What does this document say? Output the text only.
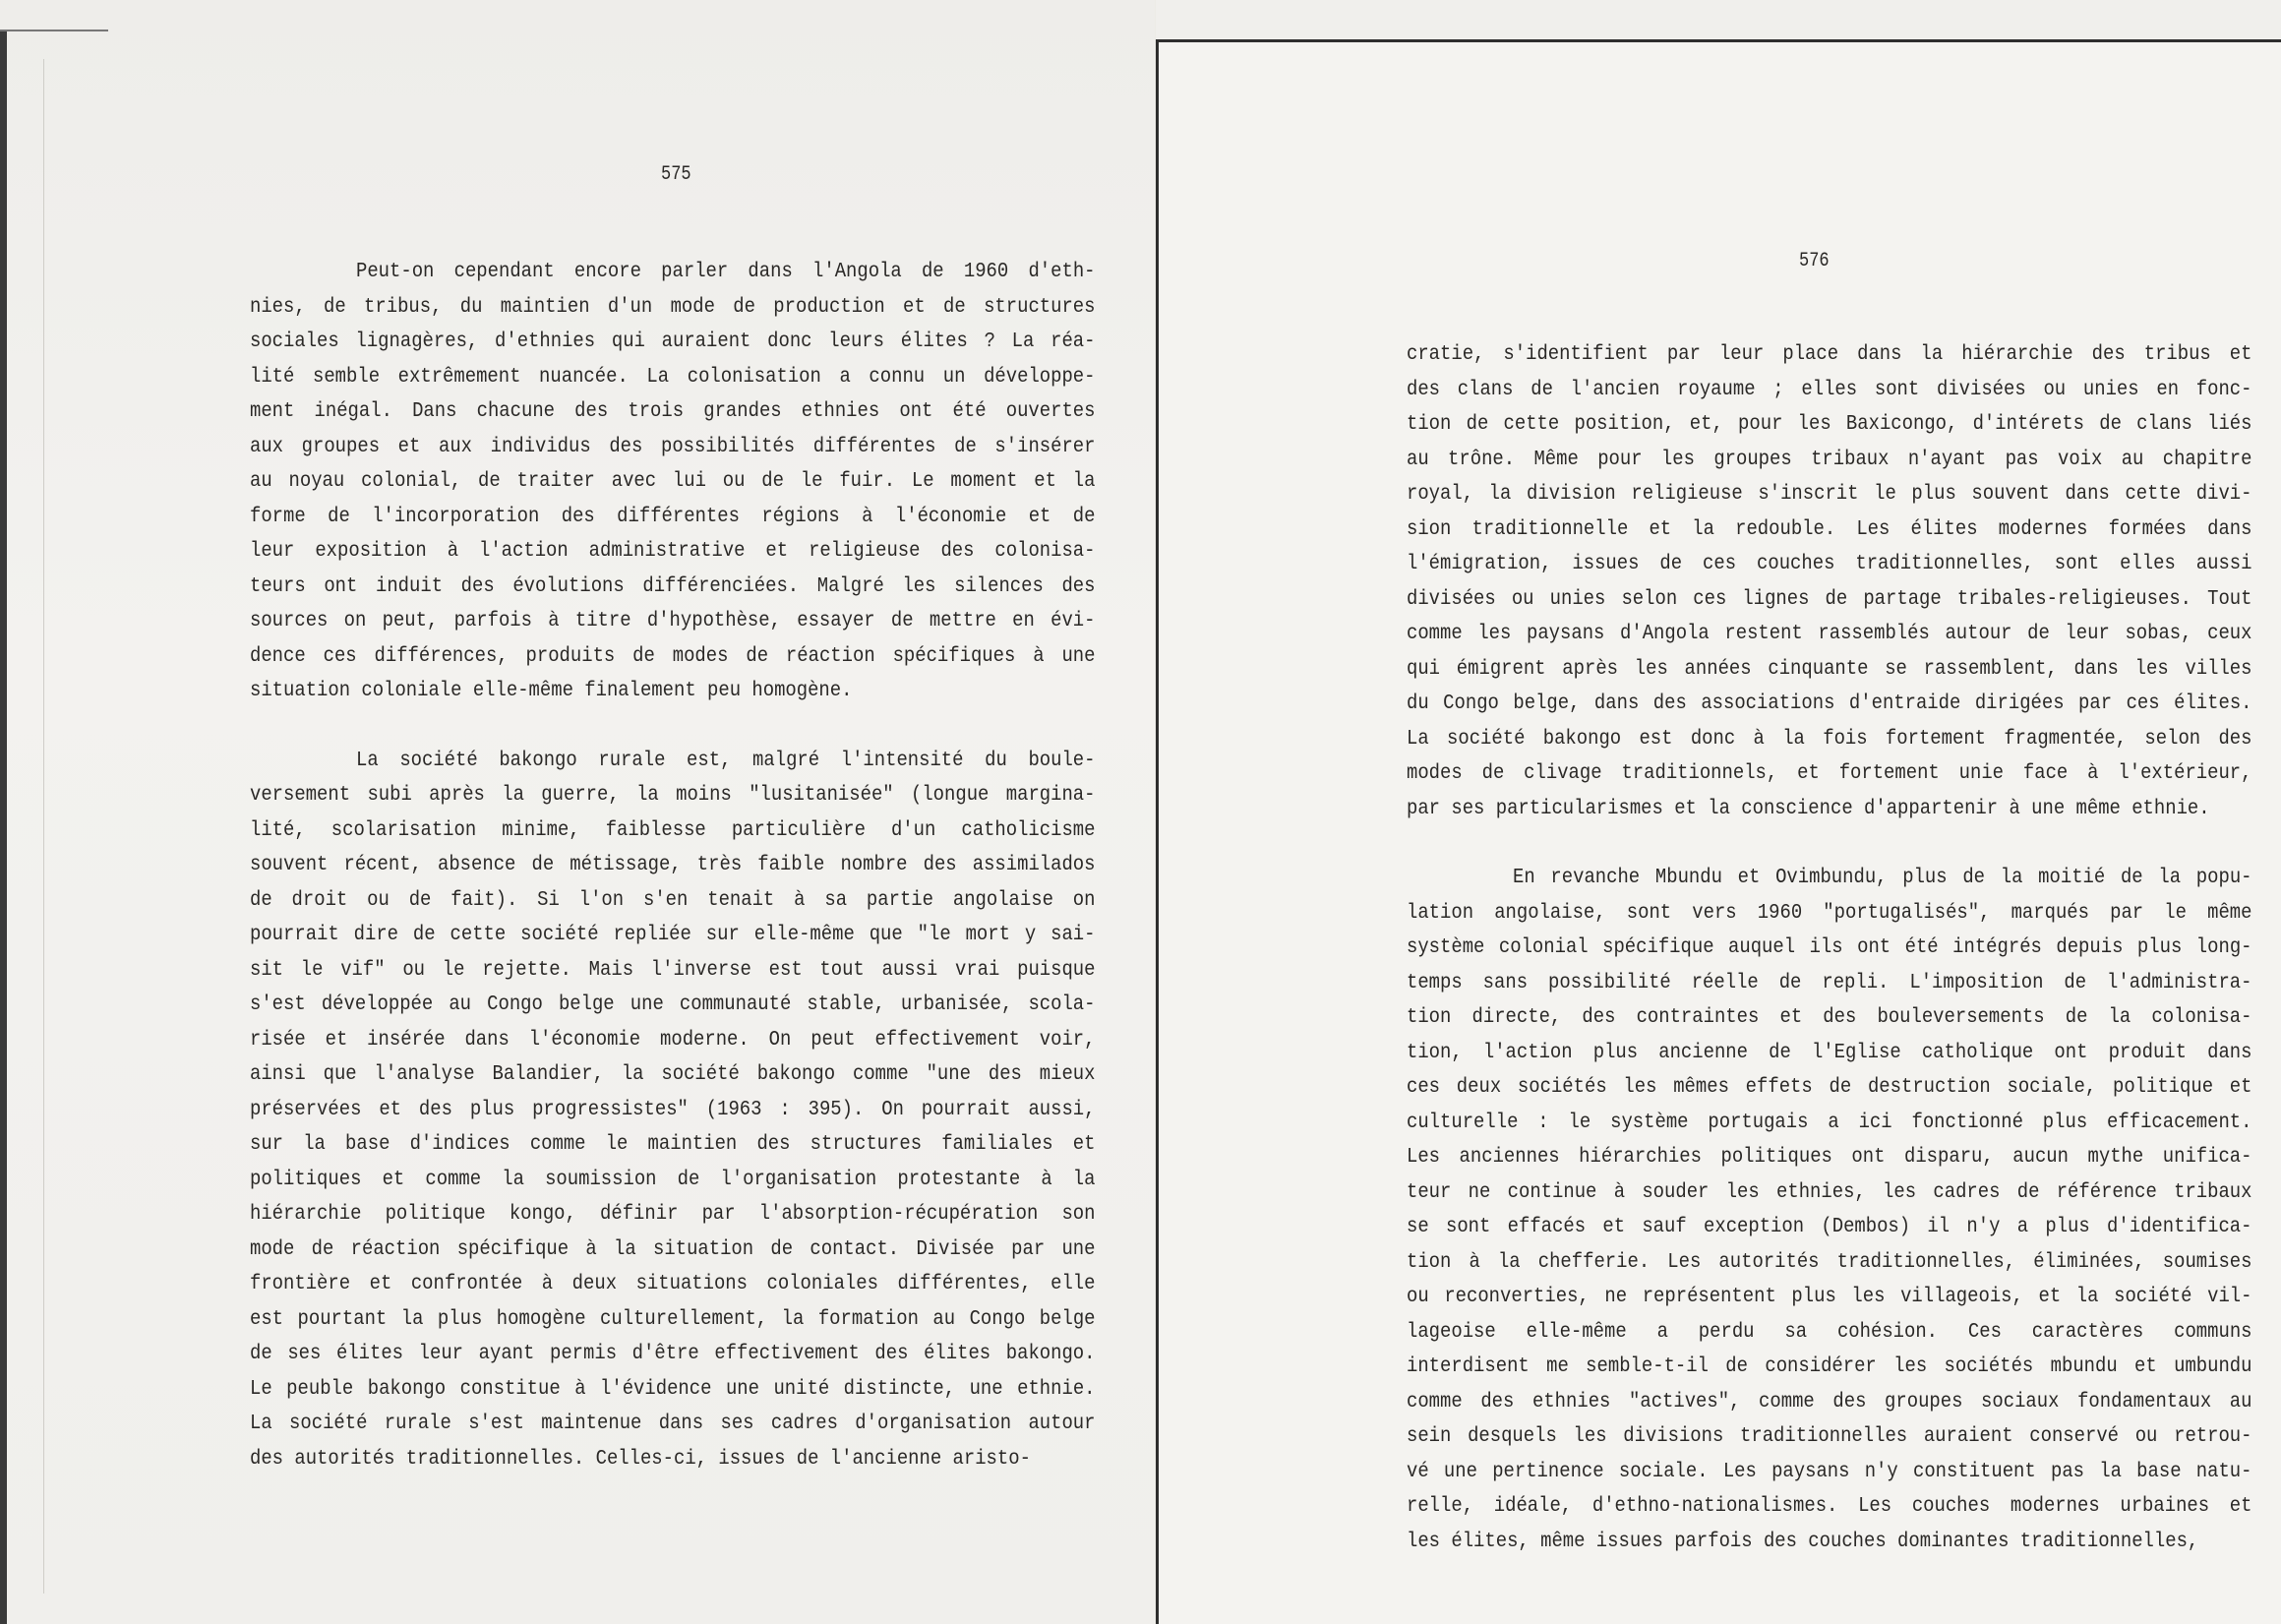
575
576
Peut-on cependant encore parler dans l'Angola de 1960 d'eth-
nies, de tribus, du maintien d'un mode de production et de structures
sociales lignagères, d'ethnies qui auraient donc leurs élites ? La réa-
lité semble extrêmement nuancée. La colonisation a connu un développe-
ment inégal. Dans chacune des trois grandes ethnies ont été ouvertes
aux groupes et aux individus des possibilités différentes de s'insérer
au noyau colonial, de traiter avec lui ou de le fuir. Le moment et la
forme de l'incorporation des différentes régions à l'économie et de
leur exposition à l'action administrative et religieuse des colonisa-
teurs ont induit des évolutions différenciées. Malgré les silences des
sources on peut, parfois à titre d'hypothèse, essayer de mettre en évi-
dence ces différences, produits de modes de réaction spécifiques à une
situation coloniale elle-même finalement peu homogène.
La société bakongo rurale est, malgré l'intensité du boule-
versement subi après la guerre, la moins "lusitanisée" (longue margina-
lité, scolarisation minime, faiblesse particulière d'un catholicisme
souvent récent, absence de métissage, très faible nombre des assimilados
de droit ou de fait). Si l'on s'en tenait à sa partie angolaise on
pourrait dire de cette société repliée sur elle-même que "le mort y sai-
sit le vif" ou le rejette. Mais l'inverse est tout aussi vrai puisque
s'est développée au Congo belge une communauté stable, urbanisée, scola-
risée et insérée dans l'économie moderne. On peut effectivement voir,
ainsi que l'analyse Balandier, la société bakongo comme "une des mieux
préservées et des plus progressistes" (1963 : 395). On pourrait aussi,
sur la base d'indices comme le maintien des structures familiales et
politiques et comme la soumission de l'organisation protestante à la
hiérarchie politique kongo, définir par l'absorption-récupération son
mode de réaction spécifique à la situation de contact. Divisée par une
frontière et confrontée à deux situations coloniales différentes, elle
est pourtant la plus homogène culturellement, la formation au Congo belge
de ses élites leur ayant permis d'être effectivement des élites bakongo.
Le peuble bakongo constitue à l'évidence une unité distincte, une ethnie.
La société rurale s'est maintenue dans ses cadres d'organisation autour
des autorités traditionnelles. Celles-ci, issues de l'ancienne aristo-
cratie, s'identifient par leur place dans la hiérarchie des tribus et
des clans de l'ancien royaume ; elles sont divisées ou unies en fonc-
tion de cette position, et, pour les Baxicongo, d'intérets de clans liés
au trône. Même pour les groupes tribaux n'ayant pas voix au chapitre
royal, la division religieuse s'inscrit le plus souvent dans cette divi-
sion traditionnelle et la redouble. Les élites modernes formées dans
l'émigration, issues de ces couches traditionnelles, sont elles aussi
divisées ou unies selon ces lignes de partage tribales-religieuses. Tout
comme les paysans d'Angola restent rassemblés autour de leur sobas, ceux
qui émigrent après les années cinquante se rassemblent, dans les villes
du Congo belge, dans des associations d'entraide dirigées par ces élites.
La société bakongo est donc à la fois fortement fragmentée, selon des
modes de clivage traditionnels, et fortement unie face à l'extérieur,
par ses particularismes et la conscience d'appartenir à une même ethnie.
En revanche Mbundu et Ovimbundu, plus de la moitié de la popu-
lation angolaise, sont vers 1960 "portugalisés", marqués par le même
système colonial spécifique auquel ils ont été intégrés depuis plus long-
temps sans possibilité réelle de repli. L'imposition de l'administra-
tion directe, des contraintes et des bouleversements de la colonisa-
tion, l'action plus ancienne de l'Eglise catholique ont produit dans
ces deux sociétés les mêmes effets de destruction sociale, politique et
culturelle : le système portugais a ici fonctionné plus efficacement.
Les anciennes hiérarchies politiques ont disparu, aucun mythe unifica-
teur ne continue à souder les ethnies, les cadres de référence tribaux
se sont effacés et sauf exception (Dembos) il n'y a plus d'identifica-
tion à la chefferie. Les autorités traditionnelles, éliminées, soumises
ou reconverties, ne représentent plus les villageois, et la société vil-
lageoise elle-même a perdu sa cohésion. Ces caractères communs
interdisent me semble-t-il de considérer les sociétés mbundu et umbundu
comme des ethnies "actives", comme des groupes sociaux fondamentaux au
sein desquels les divisions traditionnelles auraient conservé ou retrou-
vé une pertinence sociale. Les paysans n'y constituent pas la base natu-
relle, idéale, d'ethno-nationalismes. Les couches modernes urbaines et
les élites, même issues parfois des couches dominantes traditionnelles,
